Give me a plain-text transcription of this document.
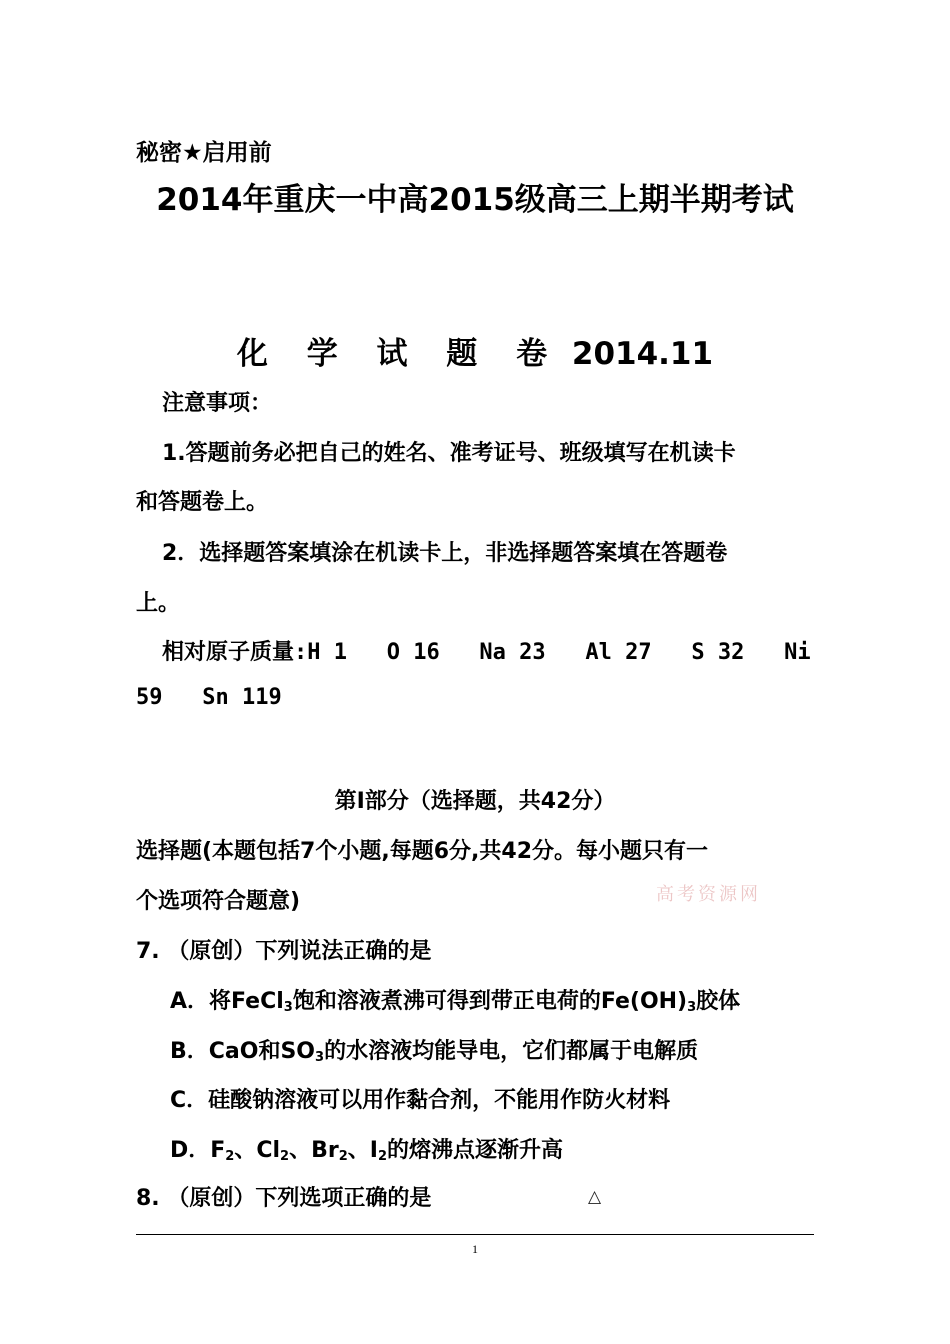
秘密★启用前
2014年重庆一中高2015级高三上期半期考试
化 学 试 题 卷 2014.11
注意事项：
1.答题前务必把自己的姓名、准考证号、班级填写在机读卡
和答题卷上。
2．选择题答案填涂在机读卡上，非选择题答案填在答题卷
上。
相对原子质量:H 1   O 16   Na 23   Al 27   S 32   Ni
59   Sn 119
第Ⅰ部分（选择题，共42分）
选择题(本题包括7个小题,每题6分,共42分。每小题只有一
个选项符合题意)	高考资源网
7. （原创）下列说法正确的是
A．将FeCl$_3$饱和溶液煮沸可得到带正电荷的$Fe(OH)_3$胶体
B．CaO和$SO_3$的水溶液均能导电，它们都属于电解质
C．硅酸钠溶液可以用作黏合剂，不能用作防火材料
D．$F_2$、$Cl_2$、$Br_2$、$I_2$的熔沸点逐渐升高
8. （原创）下列选项正确的是	△
1
